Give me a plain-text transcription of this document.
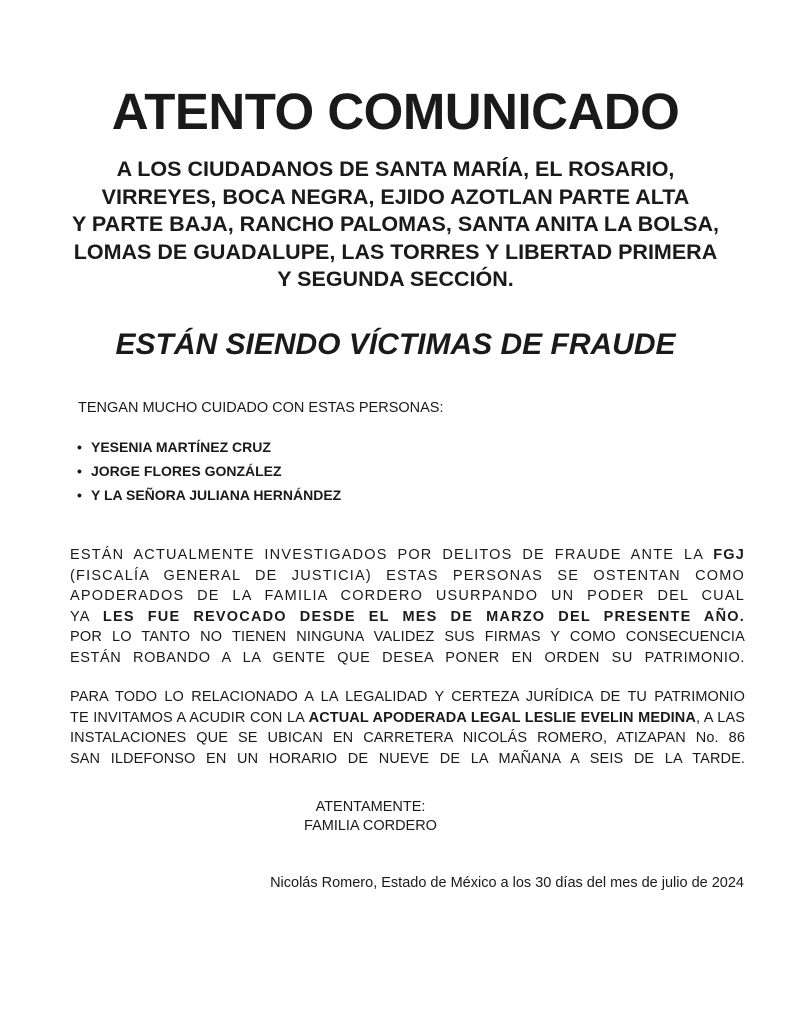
ATENTO COMUNICADO
A LOS CIUDADANOS DE SANTA MARÍA, EL ROSARIO,
VIRREYES, BOCA NEGRA, EJIDO AZOTLAN PARTE ALTA
Y PARTE BAJA, RANCHO PALOMAS, SANTA ANITA LA BOLSA,
LOMAS DE GUADALUPE, LAS TORRES Y LIBERTAD PRIMERA
Y SEGUNDA SECCIÓN.
ESTÁN SIENDO VÍCTIMAS DE FRAUDE
TENGAN MUCHO CUIDADO CON ESTAS PERSONAS:
• YESENIA MARTÍNEZ CRUZ
• JORGE FLORES GONZÁLEZ
• Y LA SEÑORA JULIANA HERNÁNDEZ
ESTÁN ACTUALMENTE INVESTIGADOS POR DELITOS DE FRAUDE ANTE LA FGJ
(FISCALÍA GENERAL DE JUSTICIA) ESTAS PERSONAS SE OSTENTAN COMO
APODERADOS DE LA FAMILIA CORDERO USURPANDO UN PODER DEL CUAL
YA LES FUE REVOCADO DESDE EL MES DE MARZO DEL PRESENTE AÑO.
POR LO TANTO NO TIENEN NINGUNA VALIDEZ SUS FIRMAS Y COMO CONSECUENCIA
ESTÁN ROBANDO A LA GENTE QUE DESEA PONER EN ORDEN SU PATRIMONIO.
PARA TODO LO RELACIONADO A LA LEGALIDAD Y CERTEZA JURÍDICA DE TU PATRIMONIO
TE INVITAMOS A ACUDIR CON LA ACTUAL APODERADA LEGAL LESLIE EVELIN MEDINA, A LAS
INSTALACIONES QUE SE UBICAN EN CARRETERA NICOLÁS ROMERO, ATIZAPAN No. 86
SAN ILDEFONSO EN UN HORARIO DE NUEVE DE LA MAÑANA A SEIS DE LA TARDE.
ATENTAMENTE:
FAMILIA CORDERO
Nicolás Romero, Estado de México a los 30 días del mes de julio de 2024
